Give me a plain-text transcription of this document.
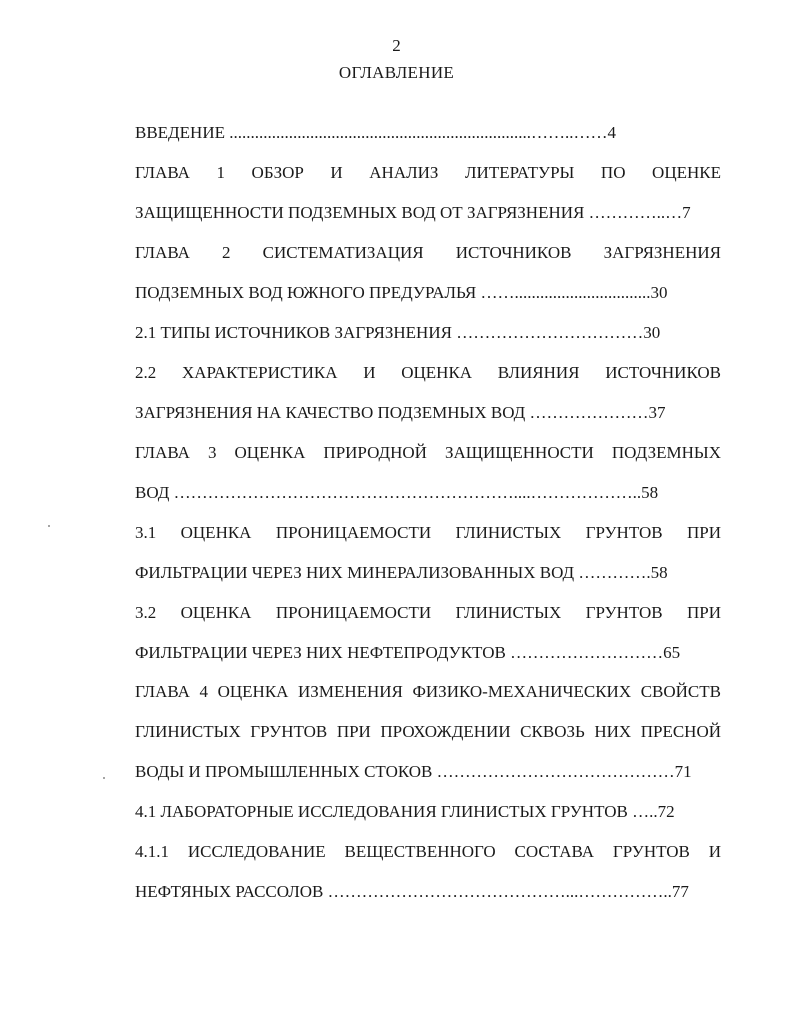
2
ОГЛАВЛЕНИЕ
ВВЕДЕНИЕ .......................................................................……..……4
ГЛАВА 1 ОБЗОР И АНАЛИЗ ЛИТЕРАТУРЫ ПО ОЦЕНКЕ
ЗАЩИЩЕННОСТИ ПОДЗЕМНЫХ ВОД ОТ ЗАГРЯЗНЕНИЯ …………..…7
ГЛАВА 2 СИСТЕМАТИЗАЦИЯ ИСТОЧНИКОВ ЗАГРЯЗНЕНИЯ
ПОДЗЕМНЫХ ВОД ЮЖНОГО ПРЕДУРАЛЬЯ ……................................30
2.1 ТИПЫ ИСТОЧНИКОВ ЗАГРЯЗНЕНИЯ ……………………………30
2.2 ХАРАКТЕРИСТИКА И ОЦЕНКА ВЛИЯНИЯ ИСТОЧНИКОВ
ЗАГРЯЗНЕНИЯ НА КАЧЕСТВО ПОДЗЕМНЫХ ВОД …………………37
ГЛАВА 3 ОЦЕНКА ПРИРОДНОЙ ЗАЩИЩЕННОСТИ ПОДЗЕМНЫХ
ВОД ……………………………………………………....………………..58
3.1 ОЦЕНКА ПРОНИЦАЕМОСТИ ГЛИНИСТЫХ ГРУНТОВ ПРИ
ФИЛЬТРАЦИИ ЧЕРЕЗ НИХ МИНЕРАЛИЗОВАННЫХ ВОД ………….58
3.2 ОЦЕНКА ПРОНИЦАЕМОСТИ ГЛИНИСТЫХ ГРУНТОВ ПРИ
ФИЛЬТРАЦИИ ЧЕРЕЗ НИХ НЕФТЕПРОДУКТОВ ………………………65
ГЛАВА 4 ОЦЕНКА ИЗМЕНЕНИЯ ФИЗИКО-МЕХАНИЧЕСКИХ СВОЙСТВ
ГЛИНИСТЫХ ГРУНТОВ ПРИ ПРОХОЖДЕНИИ СКВОЗЬ НИХ ПРЕСНОЙ
ВОДЫ И ПРОМЫШЛЕННЫХ СТОКОВ ……………………………………71
4.1 ЛАБОРАТОРНЫЕ ИССЛЕДОВАНИЯ ГЛИНИСТЫХ ГРУНТОВ …..72
4.1.1 ИССЛЕДОВАНИЕ ВЕЩЕСТВЕННОГО СОСТАВА ГРУНТОВ И
НЕФТЯНЫХ РАССОЛОВ ……………………………………...……………..77
